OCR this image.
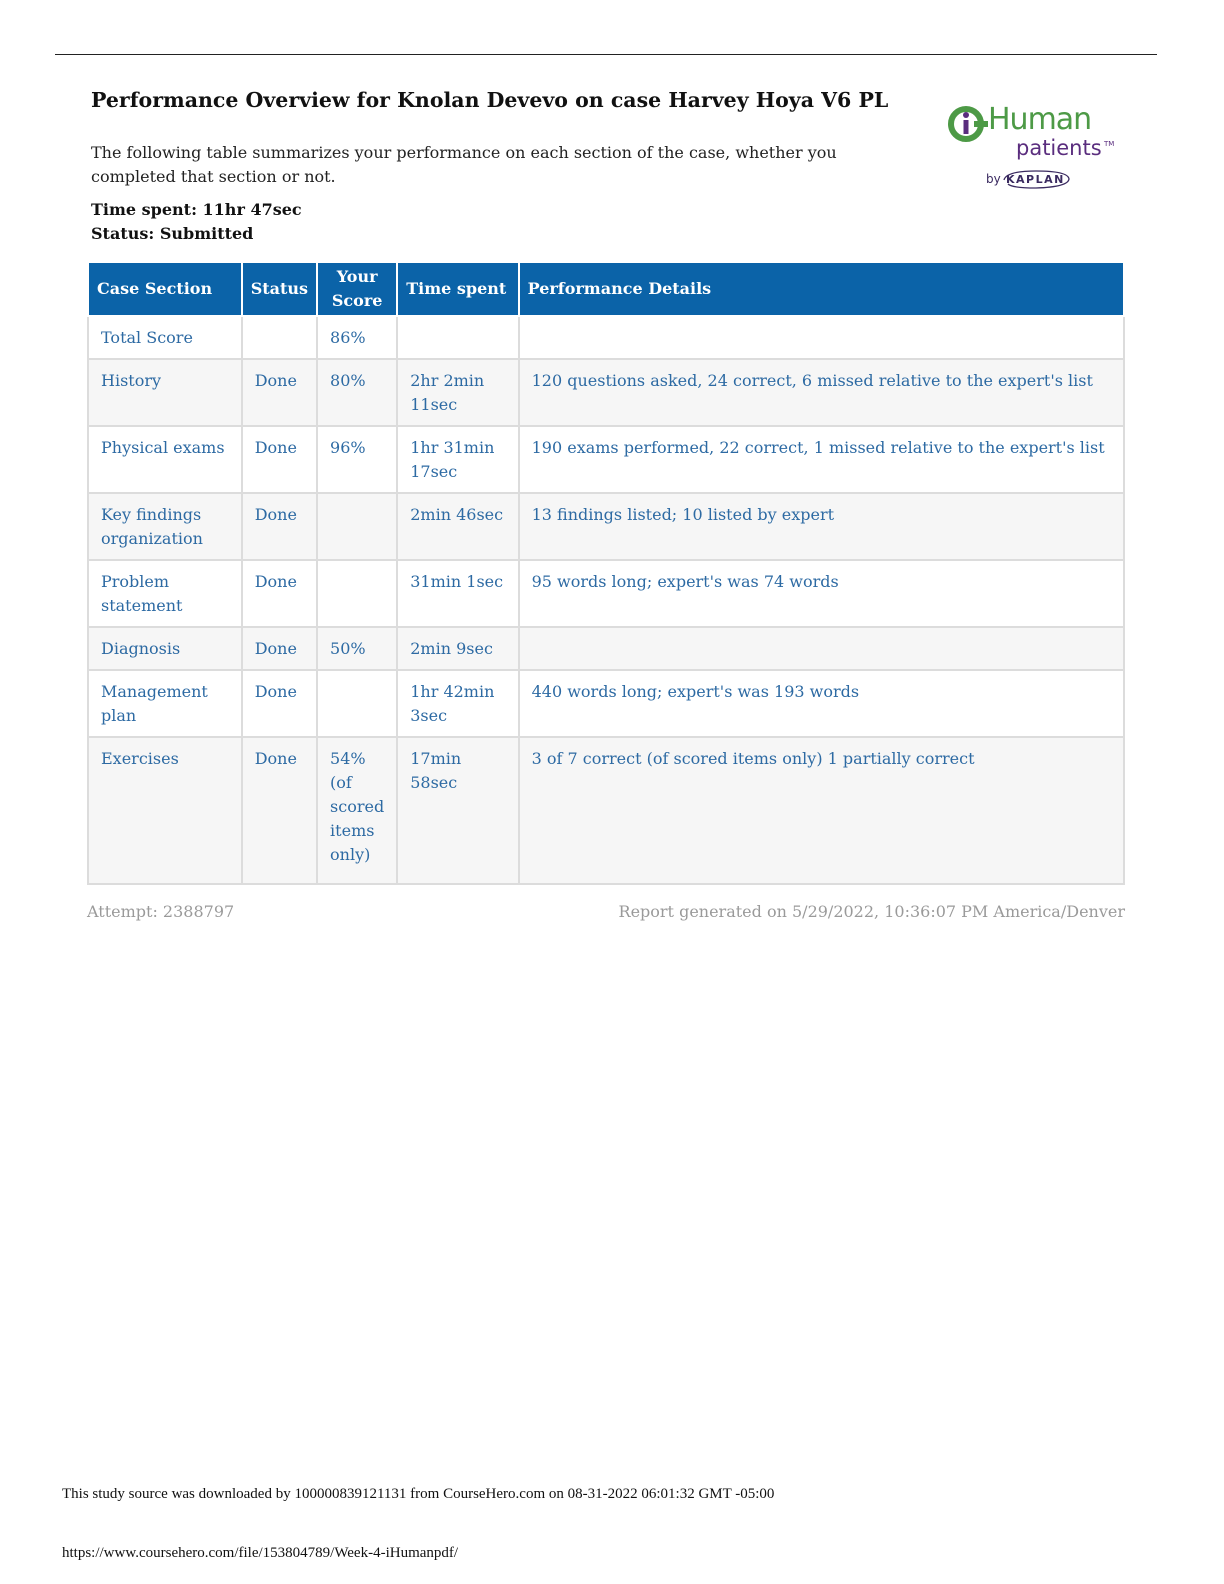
Performance Overview for Knolan Devevo on case Harvey Hoya V6 PL

The following table summarizes your performance on each section of the case, whether you completed that section or not.

Time spent: 11hr 47sec
Status: Submitted
Human
patients TM
by KAPLAN
Case Section	Status	Your Score	Time spent	Performance Details
Total Score		86%		
History	Done	80%	2hr 2min 11sec	120 questions asked, 24 correct, 6 missed relative to the expert's list
Physical exams	Done	96%	1hr 31min 17sec	190 exams performed, 22 correct, 1 missed relative to the expert's list
Key findings organization	Done		2min 46sec	13 findings listed; 10 listed by expert
Problem statement	Done		31min 1sec	95 words long; expert's was 74 words
Diagnosis	Done	50%	2min 9sec	
Management plan	Done		1hr 42min 3sec	440 words long; expert's was 193 words
Exercises	Done	54% (of scored items only)	17min 58sec	3 of 7 correct (of scored items only) 1 partially correct
Attempt: 2388797	Report generated on 5/29/2022, 10:36:07 PM America/Denver
This study source was downloaded by 100000839121131 from CourseHero.com on 08-31-2022 06:01:32 GMT -05:00
https://www.coursehero.com/file/153804789/Week-4-iHumanpdf/
